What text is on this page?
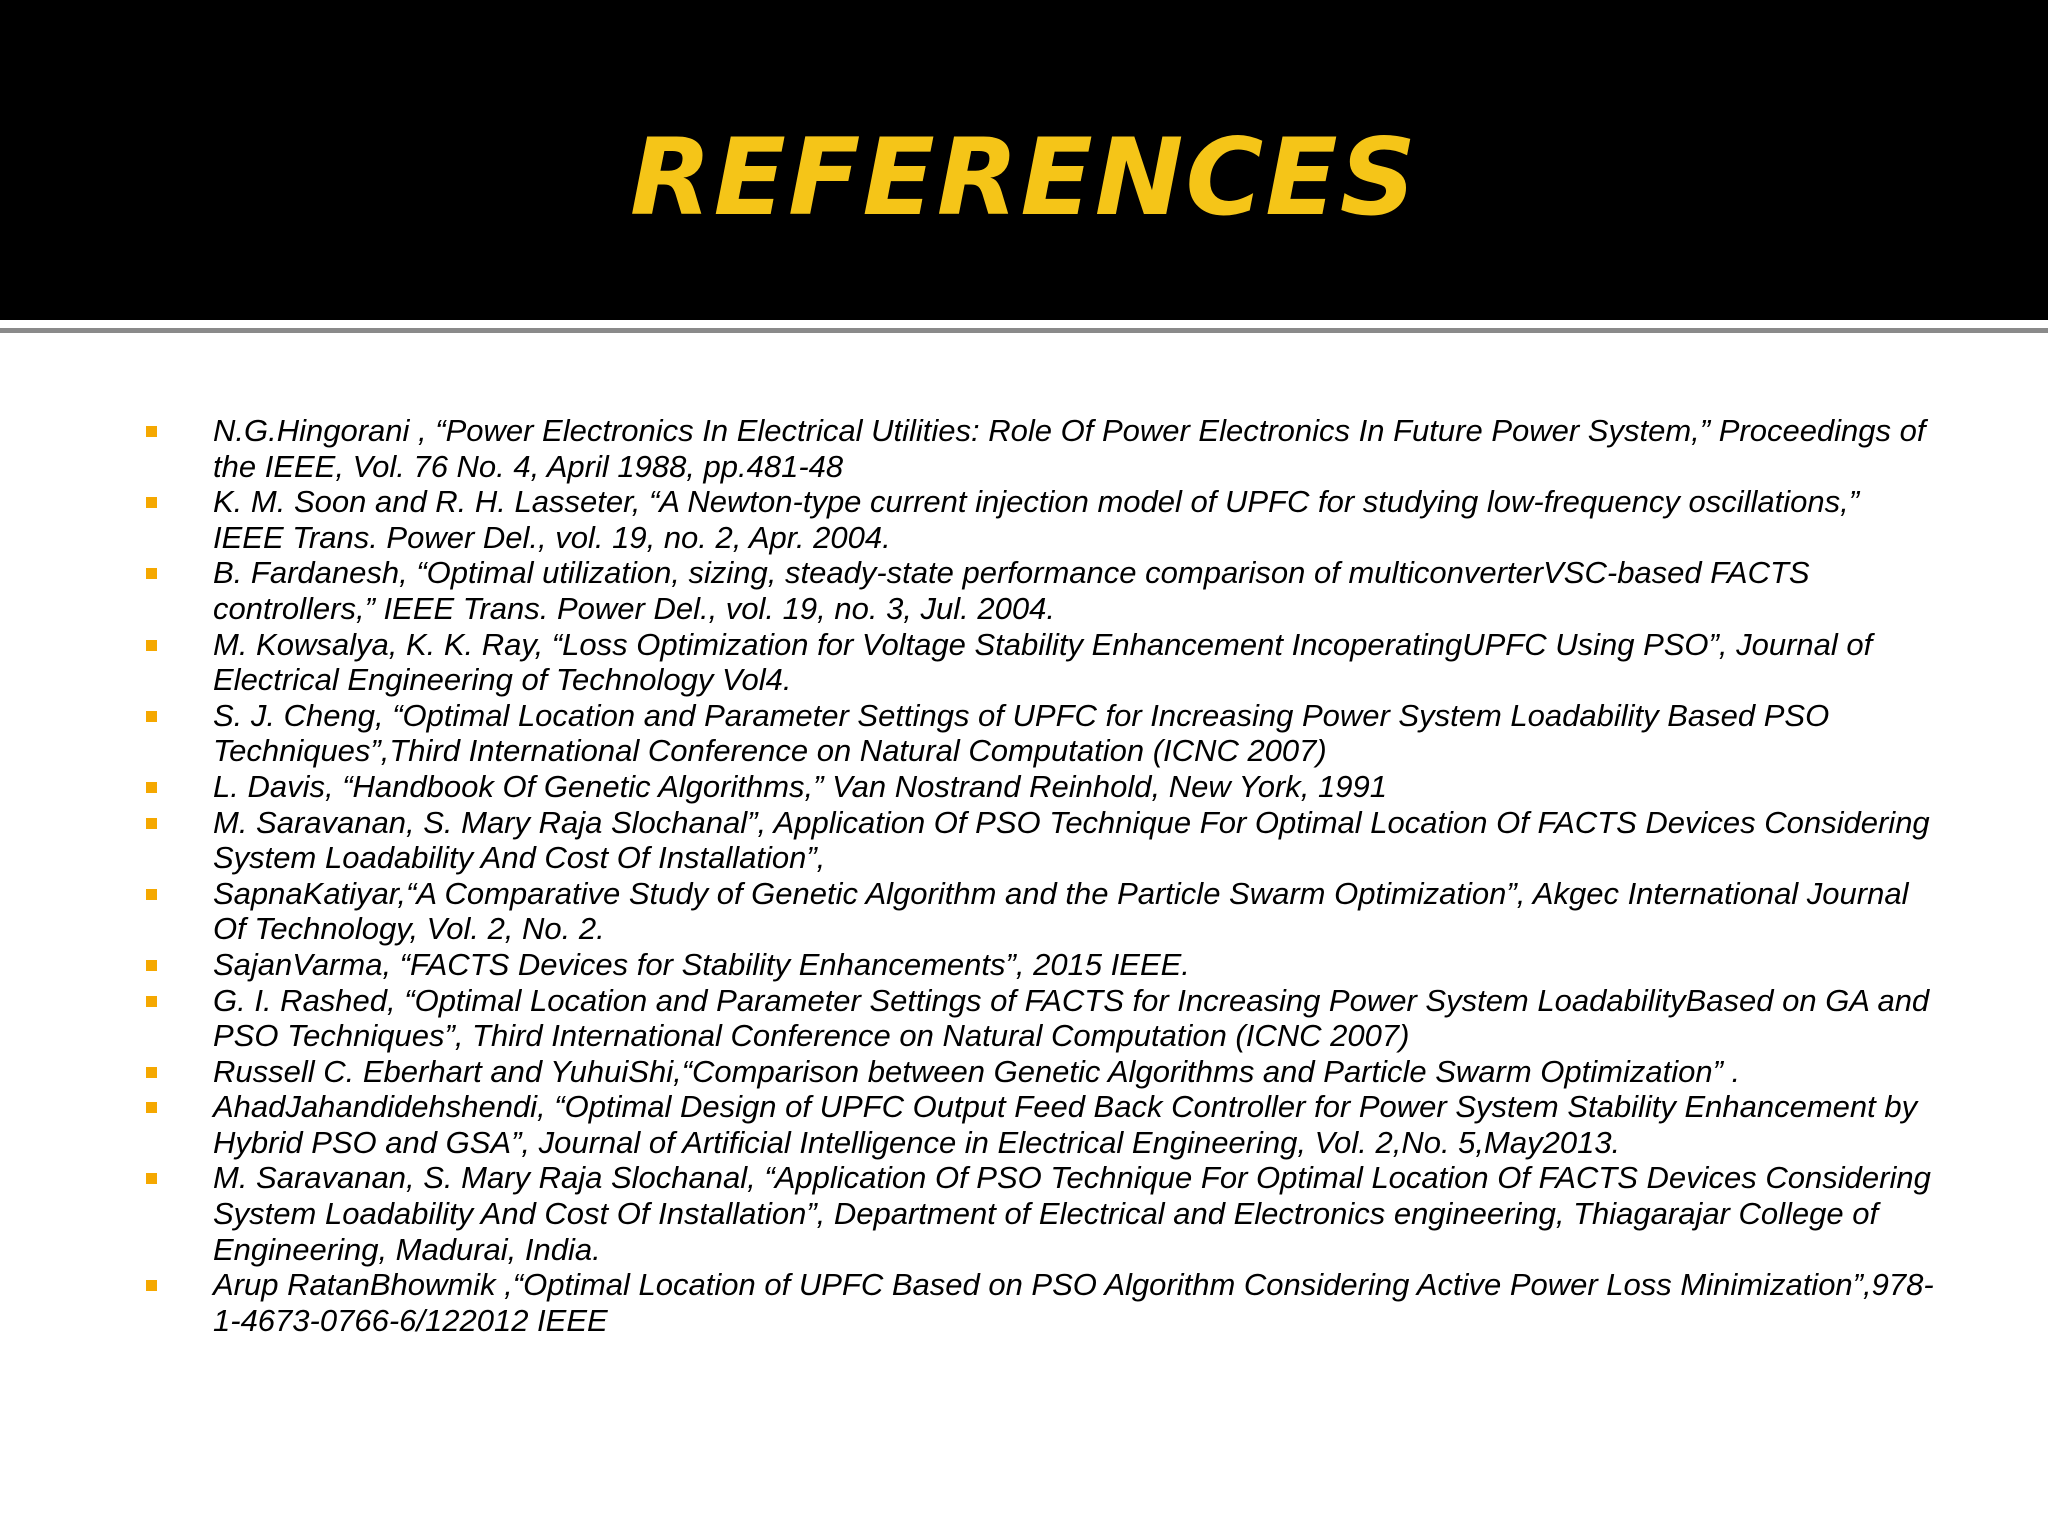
REFERENCES
N.G.Hingorani , “Power Electronics In Electrical Utilities: Role Of Power Electronics In Future Power System,” Proceedings of the IEEE, Vol. 76 No. 4, April 1988, pp.481-48
K. M. Soon and R. H. Lasseter, “A Newton-type current injection model of UPFC for studying low-frequency oscillations,” IEEE Trans. Power Del., vol. 19, no. 2, Apr. 2004.
B. Fardanesh, “Optimal utilization, sizing, steady-state performance comparison of multiconverterVSC-based FACTS controllers,” IEEE Trans. Power Del., vol. 19, no. 3, Jul. 2004.
M. Kowsalya, K. K. Ray, “Loss Optimization for Voltage Stability Enhancement IncoperatingUPFC Using PSO”, Journal of Electrical Engineering of Technology Vol4.
S. J. Cheng, “Optimal Location and Parameter Settings of UPFC for Increasing Power System Loadability Based PSO Techniques”,Third International Conference on Natural Computation (ICNC 2007)
L. Davis, “Handbook Of Genetic Algorithms,” Van Nostrand Reinhold, New York, 1991
M. Saravanan, S. Mary Raja Slochanal”, Application Of PSO Technique For Optimal Location Of FACTS Devices Considering System Loadability And Cost Of Installation”,
SapnaKatiyar,“A Comparative Study of Genetic Algorithm and the Particle Swarm Optimization”, Akgec International Journal Of Technology, Vol. 2, No. 2.
SajanVarma, “FACTS Devices for Stability Enhancements”, 2015 IEEE.
G. I. Rashed, “Optimal Location and Parameter Settings of FACTS for Increasing Power System LoadabilityBased on GA and PSO Techniques”, Third International Conference on Natural Computation (ICNC 2007)
Russell C. Eberhart and YuhuiShi,“Comparison between Genetic Algorithms and Particle Swarm Optimization” .
AhadJahandidehshendi, “Optimal Design of UPFC Output Feed Back Controller for Power System Stability Enhancement by Hybrid PSO and GSA”, Journal of Artificial Intelligence in Electrical Engineering, Vol. 2,No. 5,May2013.
M. Saravanan, S. Mary Raja Slochanal, “Application Of PSO Technique For Optimal Location Of FACTS Devices Considering System Loadability And Cost Of Installation”, Department of Electrical and Electronics engineering, Thiagarajar College of Engineering, Madurai, India.
Arup RatanBhowmik ,“Optimal Location of UPFC Based on PSO Algorithm Considering Active Power Loss Minimization”,978-1-4673-0766-6/122012 IEEE
